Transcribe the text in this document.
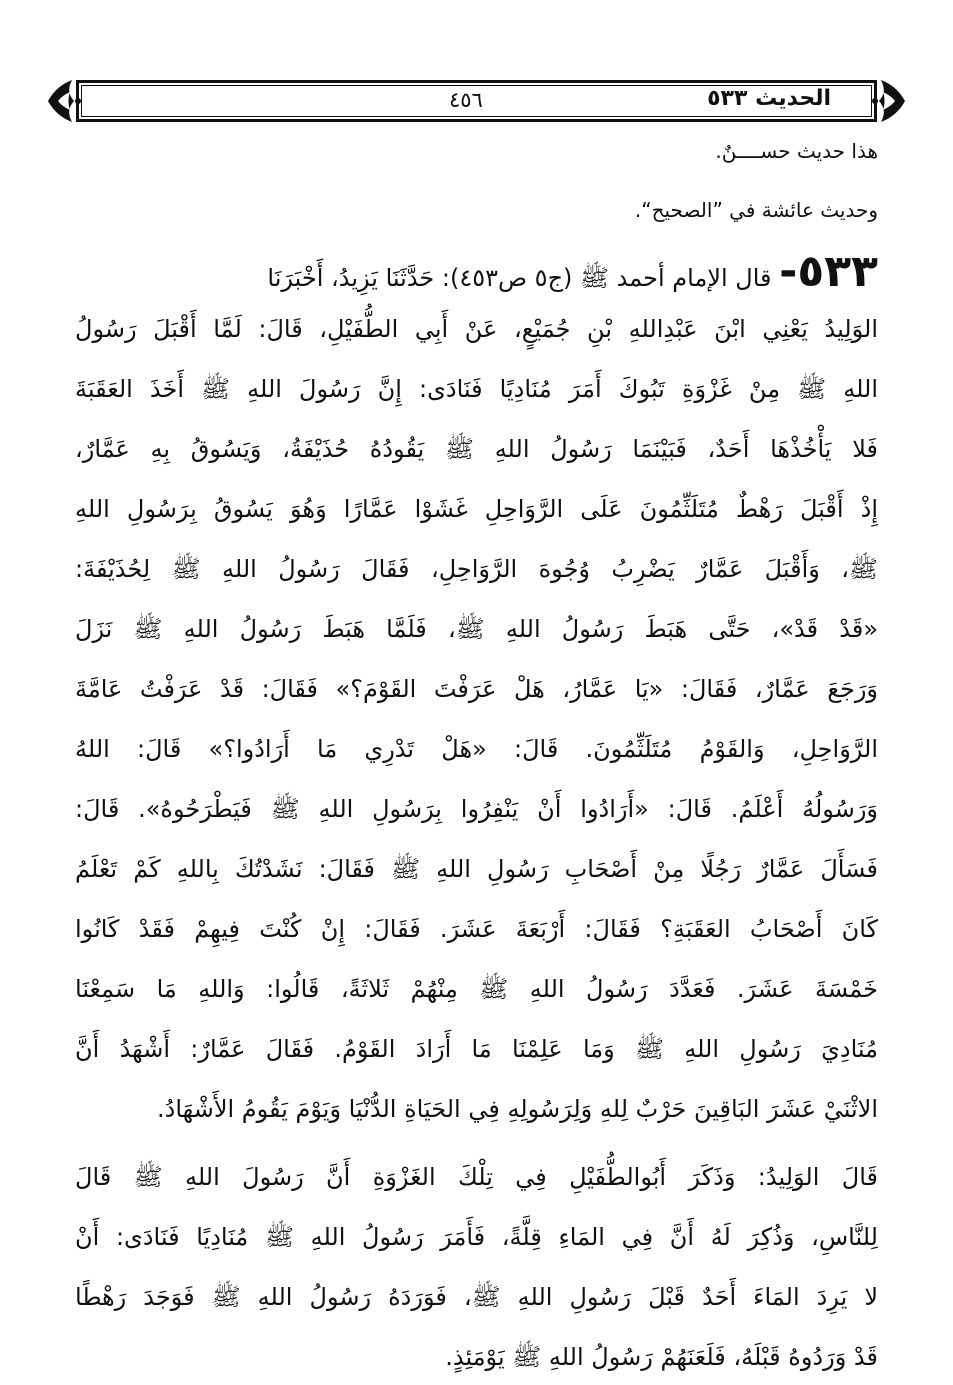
الحديث ٥٣٣
٤٥٦
هذا حديث حســــنٌ.
وحديث عائشة في ”الصحيح“.
٥٣٣- قال الإمام أحمد ﷺ (ج٥ ص٤٥٣): حَدَّثَنَا يَزِيدُ، أَخْبَرَنَا
الوَلِيدُ يَعْنِي ابْنَ عَبْدِاللهِ بْنِ جُمَيْعٍ، عَنْ أَبِي الطُّفَيْلِ، قَالَ: لَمَّا أَقْبَلَ رَسُولُ
اللهِ ﷺ مِنْ غَزْوَةِ تَبُوكَ أَمَرَ مُنَادِيًا فَنَادَى: إِنَّ رَسُولَ اللهِ ﷺ أَخَذَ العَقَبَةَ
فَلا يَأْخُذْهَا أَحَدٌ، فَبَيْنَمَا رَسُولُ اللهِ ﷺ يَقُودُهُ حُذَيْفَةُ، وَيَسُوقُ بِهِ عَمَّارٌ،
إِذْ أَقْبَلَ رَهْطٌ مُتَلَثِّمُونَ عَلَى الرَّوَاحِلِ غَشَوْا عَمَّارًا وَهُوَ يَسُوقُ بِرَسُولِ اللهِ
ﷺ، وَأَقْبَلَ عَمَّارٌ يَضْرِبُ وُجُوهَ الرَّوَاحِلِ، فَقَالَ رَسُولُ اللهِ ﷺ لِحُذَيْفَةَ:
«قَدْ قَدْ»، حَتَّى هَبَطَ رَسُولُ اللهِ ﷺ، فَلَمَّا هَبَطَ رَسُولُ اللهِ ﷺ نَزَلَ
وَرَجَعَ عَمَّارٌ، فَقَالَ: «يَا عَمَّارُ، هَلْ عَرَفْتَ القَوْمَ؟» فَقَالَ: قَدْ عَرَفْتُ عَامَّةَ
الرَّوَاحِلِ، وَالقَوْمُ مُتَلَثِّمُونَ. قَالَ: «هَلْ تَدْرِي مَا أَرَادُوا؟» قَالَ: اللهُ
وَرَسُولُهُ أَعْلَمُ. قَالَ: «أَرَادُوا أَنْ يَنْفِرُوا بِرَسُولِ اللهِ ﷺ فَيَطْرَحُوهُ». قَالَ:
فَسَأَلَ عَمَّارٌ رَجُلًا مِنْ أَصْحَابِ رَسُولِ اللهِ ﷺ فَقَالَ: نَشَدْتُكَ بِاللهِ كَمْ تَعْلَمُ
كَانَ أَصْحَابُ العَقَبَةِ؟ فَقَالَ: أَرْبَعَةَ عَشَرَ. فَقَالَ: إِنْ كُنْتَ فِيهِمْ فَقَدْ كَانُوا
خَمْسَةَ عَشَرَ. فَعَدَّدَ رَسُولُ اللهِ ﷺ مِنْهُمْ ثَلاثَةً، قَالُوا: وَاللهِ مَا سَمِعْنَا
مُنَادِيَ رَسُولِ اللهِ ﷺ وَمَا عَلِمْنَا مَا أَرَادَ القَوْمُ. فَقَالَ عَمَّارٌ: أَشْهَدُ أَنَّ
الاثْنَيْ عَشَرَ البَاقِينَ حَرْبٌ لِلهِ وَلِرَسُولِهِ فِي الحَيَاةِ الدُّنْيَا وَيَوْمَ يَقُومُ الأَشْهَادُ.
قَالَ الوَلِيدُ: وَذَكَرَ أَبُوالطُّفَيْلِ فِي تِلْكَ الغَزْوَةِ أَنَّ رَسُولَ اللهِ ﷺ قَالَ
لِلنَّاسِ، وَذُكِرَ لَهُ أَنَّ فِي المَاءِ قِلَّةً، فَأَمَرَ رَسُولُ اللهِ ﷺ مُنَادِيًا فَنَادَى: أَنْ
لا يَرِدَ المَاءَ أَحَدٌ قَبْلَ رَسُولِ اللهِ ﷺ، فَوَرَدَهُ رَسُولُ اللهِ ﷺ فَوَجَدَ رَهْطًا
قَدْ وَرَدُوهُ قَبْلَهُ، فَلَعَنَهُمْ رَسُولُ اللهِ ﷺ يَوْمَئِذٍ.
